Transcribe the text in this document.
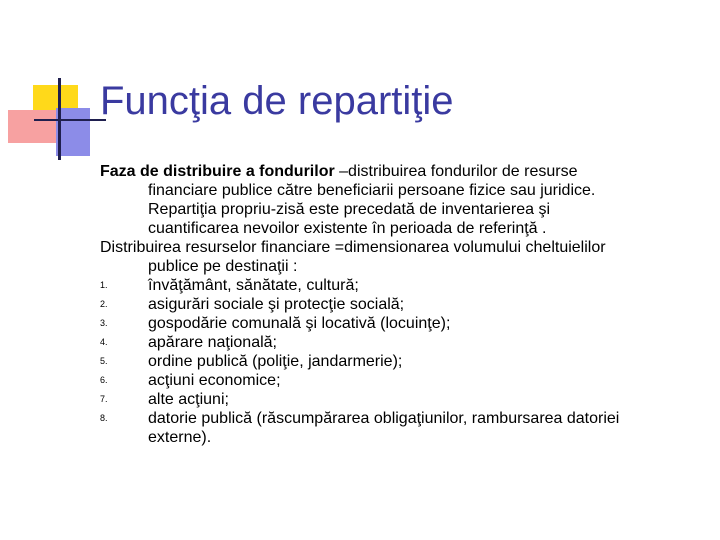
Funcţia de repartiţie
Faza de distribuire a fondurilor –distribuirea fondurilor de resurse
financiare publice către beneficiarii persoane fizice sau juridice.
Repartiţia propriu-zisă este precedată de inventarierea şi
cuantificarea nevoilor existente în perioada de referinţă .
Distribuirea resurselor financiare =dimensionarea volumului cheltuielilor
publice pe destinaţii :
1.	învăţământ, sănătate, cultură;
2.	asigurări sociale şi protecţie socială;
3.	gospodărie comunală şi locativă (locuinţe);
4.	apărare naţională;
5.	ordine publică (poliţie, jandarmerie);
6.	acţiuni economice;
7.	alte acţiuni;
8.	datorie publică (răscumpărarea obligaţiunilor, rambursarea datoriei
externe).
